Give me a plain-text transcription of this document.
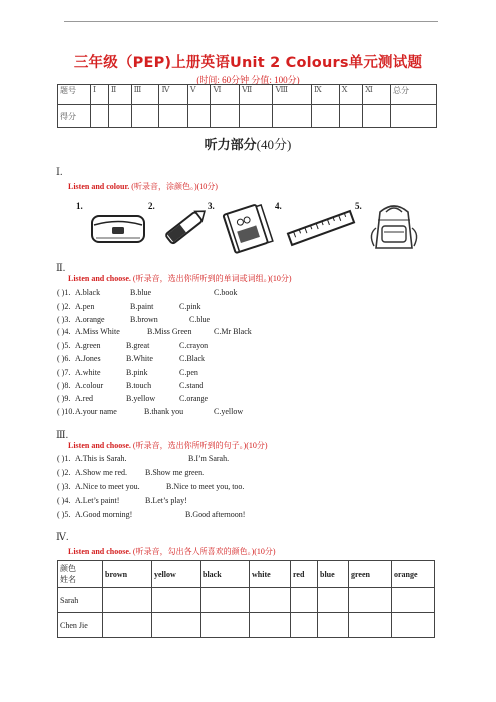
三年级（PEP)上册英语Unit 2 Colours单元测试题
(时间: 60分钟 分值: 100分)
题号	Ⅰ	Ⅱ	Ⅲ	Ⅳ	Ⅴ	Ⅵ	Ⅶ	Ⅷ	Ⅸ	Ⅹ	Ⅺ	总分
得分												
听力部分(40分)
Ⅰ.
Listen and colour. (听录音，涂颜色。)(10分)
1.	2.	3.	4.	5.
Ⅱ.
Listen and choose. (听录音，选出你所听到的单词或词组。)(10分)
( )1. A.black	B.blue	C.book
( )2. A.pen	B.paint	C.pink
( )3. A.orange	B.brown	C.blue
( )4. A.Miss White	B.Miss Green	C.Mr Black
( )5. A.green	B.great	C.crayon
( )6. A.Jones	B.White	C.Black
( )7. A.white	B.pink	C.pen
( )8. A.colour	B.touch	C.stand
( )9. A.red	B.yellow	C.orange
( )10. A.your name	B.thank you	C.yellow
Ⅲ.
Listen and choose. (听录音，选出你所听到的句子。)(10分)
( )1. A.This is Sarah.	B.I’m Sarah.
( )2. A.Show me red. B.Show me green.
( )3. A.Nice to meet you.	B.Nice to meet you, too.
( )4. A.Let’s paint!	B.Let’s play!
( )5. A.Good morning!	B.Good afternoon!
Ⅳ.
Listen and choose. (听录音，勾出各人所喜欢的颜色。)(10分)
颜色
姓名	brown	yellow	black	white	red	blue	green	orange
Sarah								
Chen Jie								
